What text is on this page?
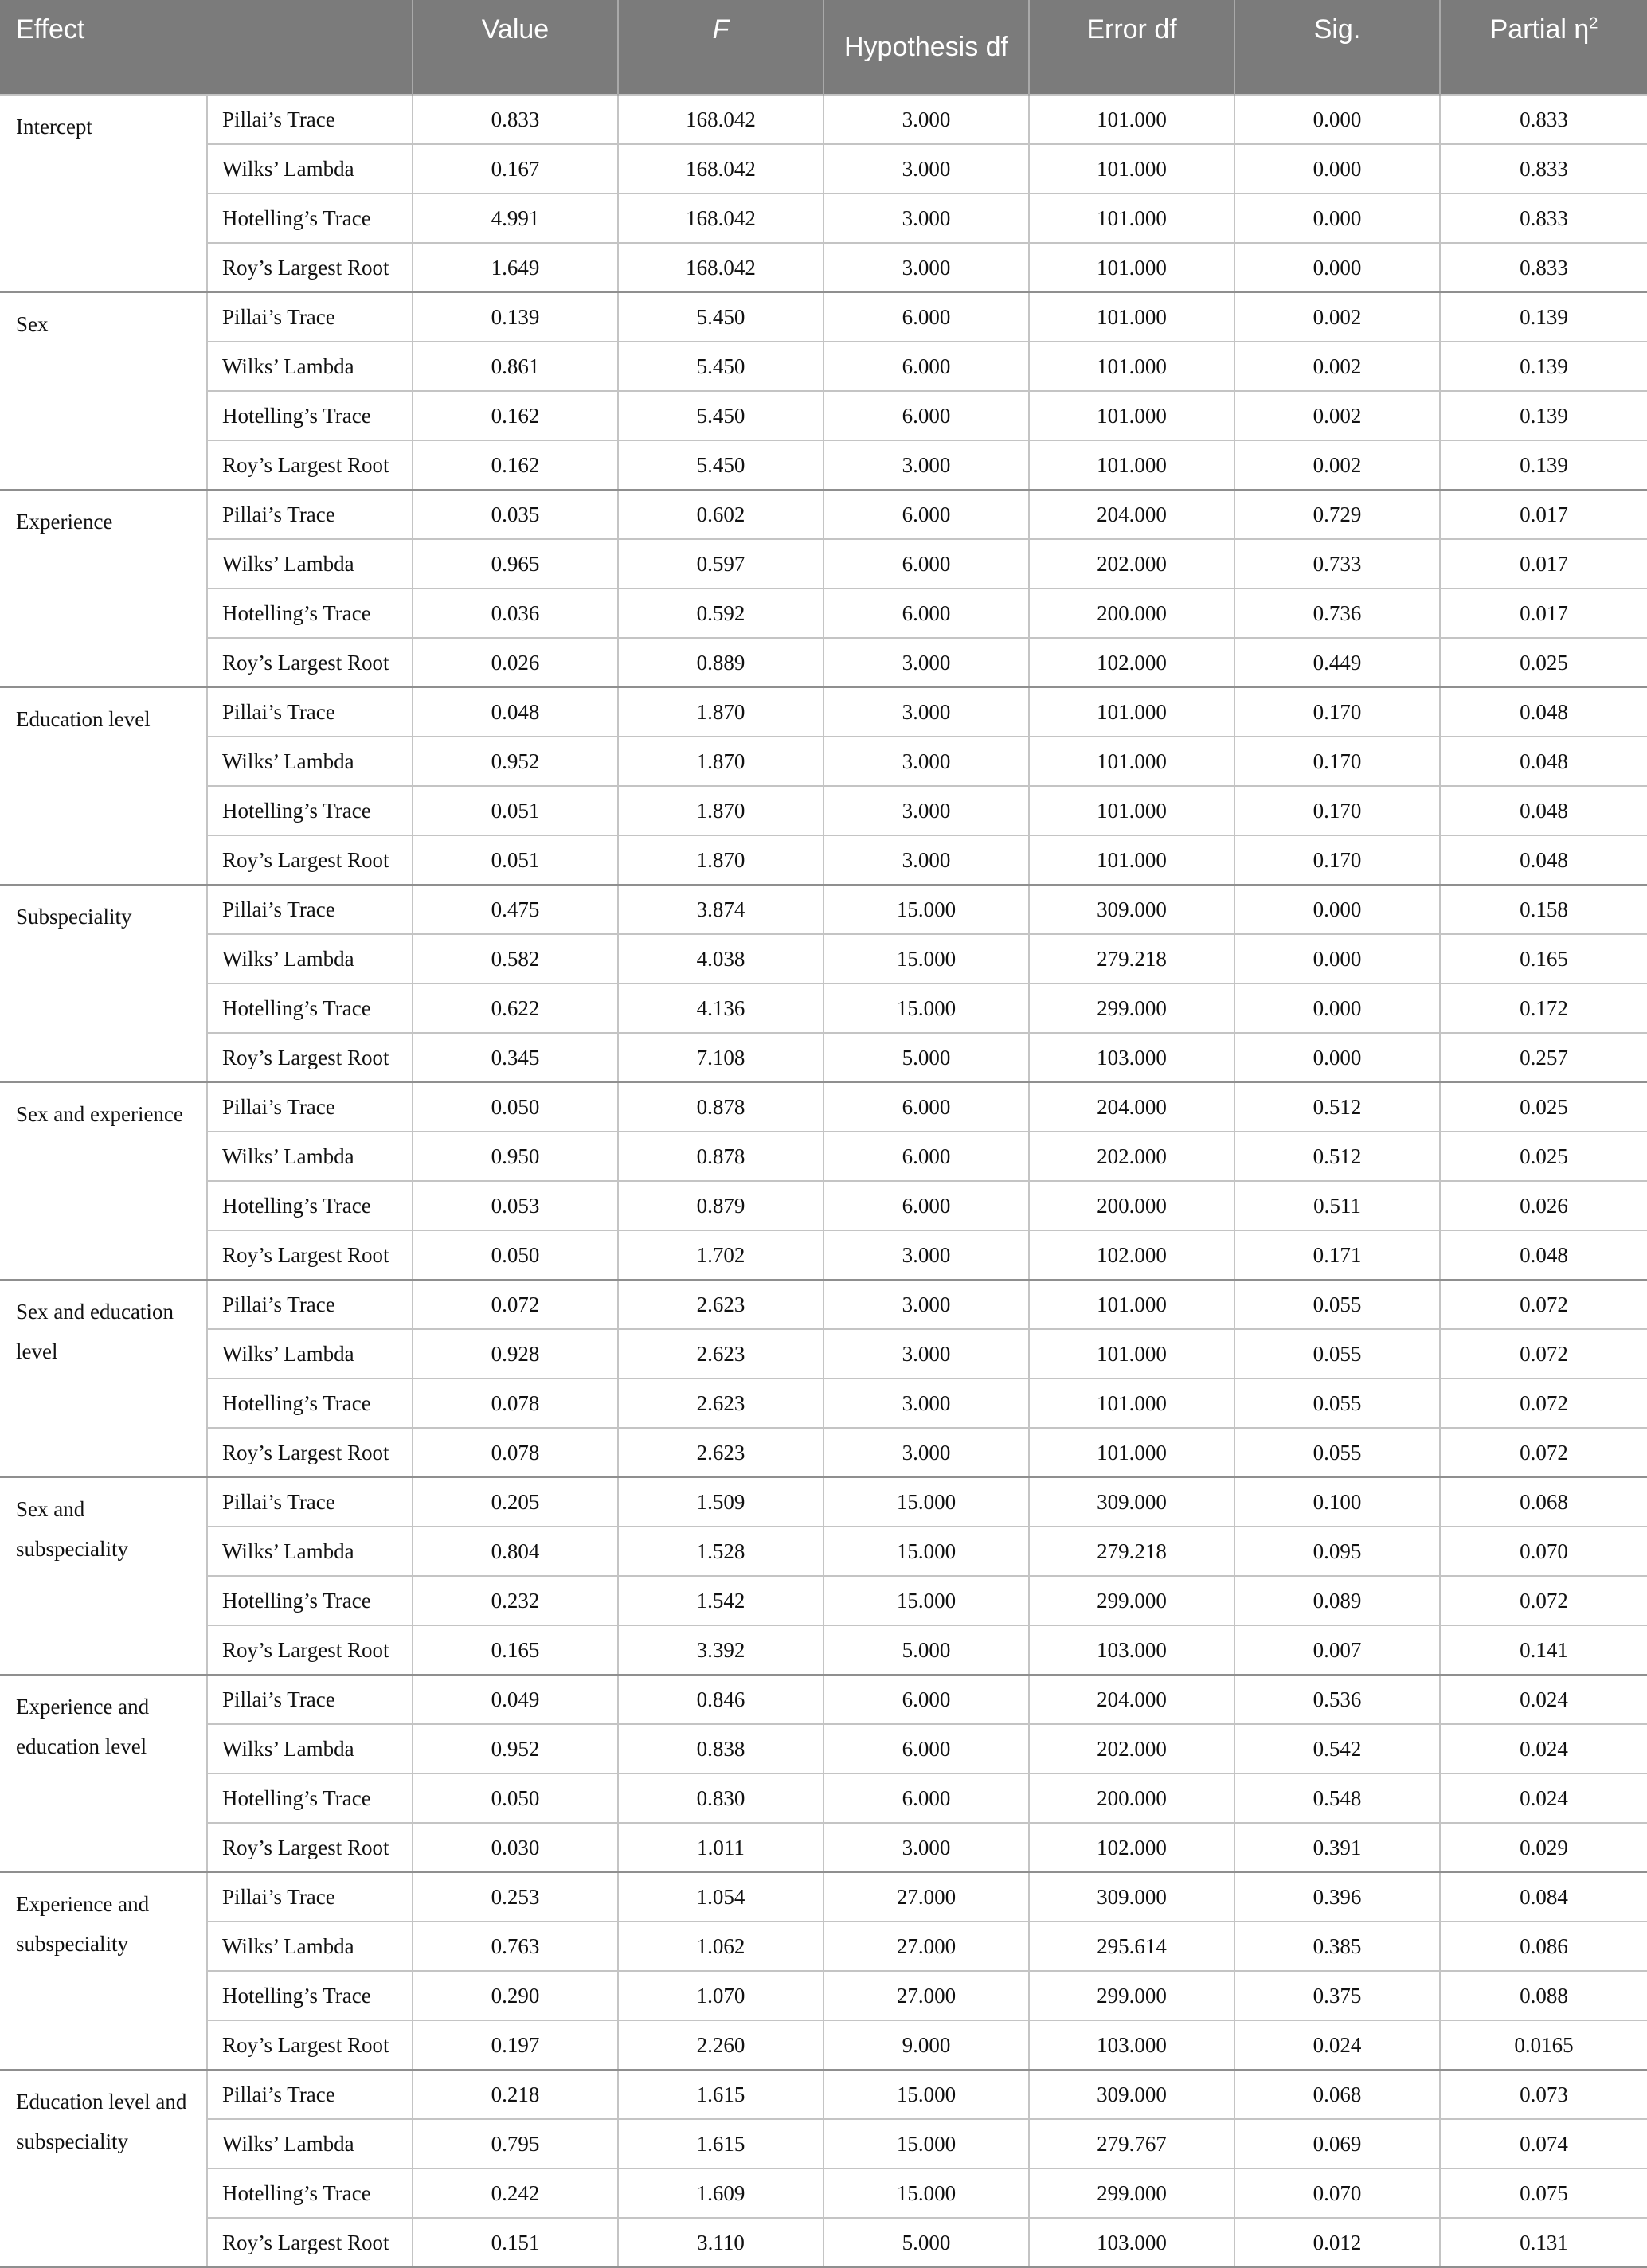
Effect		Value	F	Hypothesis df	Error df	Sig.	Partial $\eta^2$
Intercept	Pillai’s Trace	0.833	168.042	3.000	101.000	0.000	0.833
	Wilks’ Lambda	0.167	168.042	3.000	101.000	0.000	0.833
	Hotelling’s Trace	4.991	168.042	3.000	101.000	0.000	0.833
	Roy’s Largest Root	1.649	168.042	3.000	101.000	0.000	0.833
Sex	Pillai’s Trace	0.139	5.450	6.000	101.000	0.002	0.139
	Wilks’ Lambda	0.861	5.450	6.000	101.000	0.002	0.139
	Hotelling’s Trace	0.162	5.450	6.000	101.000	0.002	0.139
	Roy’s Largest Root	0.162	5.450	3.000	101.000	0.002	0.139
Experience	Pillai’s Trace	0.035	0.602	6.000	204.000	0.729	0.017
	Wilks’ Lambda	0.965	0.597	6.000	202.000	0.733	0.017
	Hotelling’s Trace	0.036	0.592	6.000	200.000	0.736	0.017
	Roy’s Largest Root	0.026	0.889	3.000	102.000	0.449	0.025
Education level	Pillai’s Trace	0.048	1.870	3.000	101.000	0.170	0.048
	Wilks’ Lambda	0.952	1.870	3.000	101.000	0.170	0.048
	Hotelling’s Trace	0.051	1.870	3.000	101.000	0.170	0.048
	Roy’s Largest Root	0.051	1.870	3.000	101.000	0.170	0.048
Subspeciality	Pillai’s Trace	0.475	3.874	15.000	309.000	0.000	0.158
	Wilks’ Lambda	0.582	4.038	15.000	279.218	0.000	0.165
	Hotelling’s Trace	0.622	4.136	15.000	299.000	0.000	0.172
	Roy’s Largest Root	0.345	7.108	5.000	103.000	0.000	0.257
Sex and experience	Pillai’s Trace	0.050	0.878	6.000	204.000	0.512	0.025
	Wilks’ Lambda	0.950	0.878	6.000	202.000	0.512	0.025
	Hotelling’s Trace	0.053	0.879	6.000	200.000	0.511	0.026
	Roy’s Largest Root	0.050	1.702	3.000	102.000	0.171	0.048
Sex and education level	Pillai’s Trace	0.072	2.623	3.000	101.000	0.055	0.072
	Wilks’ Lambda	0.928	2.623	3.000	101.000	0.055	0.072
	Hotelling’s Trace	0.078	2.623	3.000	101.000	0.055	0.072
	Roy’s Largest Root	0.078	2.623	3.000	101.000	0.055	0.072
Sex and subspeciality	Pillai’s Trace	0.205	1.509	15.000	309.000	0.100	0.068
	Wilks’ Lambda	0.804	1.528	15.000	279.218	0.095	0.070
	Hotelling’s Trace	0.232	1.542	15.000	299.000	0.089	0.072
	Roy’s Largest Root	0.165	3.392	5.000	103.000	0.007	0.141
Experience and education level	Pillai’s Trace	0.049	0.846	6.000	204.000	0.536	0.024
	Wilks’ Lambda	0.952	0.838	6.000	202.000	0.542	0.024
	Hotelling’s Trace	0.050	0.830	6.000	200.000	0.548	0.024
	Roy’s Largest Root	0.030	1.011	3.000	102.000	0.391	0.029
Experience and subspeciality	Pillai’s Trace	0.253	1.054	27.000	309.000	0.396	0.084
	Wilks’ Lambda	0.763	1.062	27.000	295.614	0.385	0.086
	Hotelling’s Trace	0.290	1.070	27.000	299.000	0.375	0.088
	Roy’s Largest Root	0.197	2.260	9.000	103.000	0.024	0.0165
Education level and subspeciality	Pillai’s Trace	0.218	1.615	15.000	309.000	0.068	0.073
	Wilks’ Lambda	0.795	1.615	15.000	279.767	0.069	0.074
	Hotelling’s Trace	0.242	1.609	15.000	299.000	0.070	0.075
	Roy’s Largest Root	0.151	3.110	5.000	103.000	0.012	0.131
